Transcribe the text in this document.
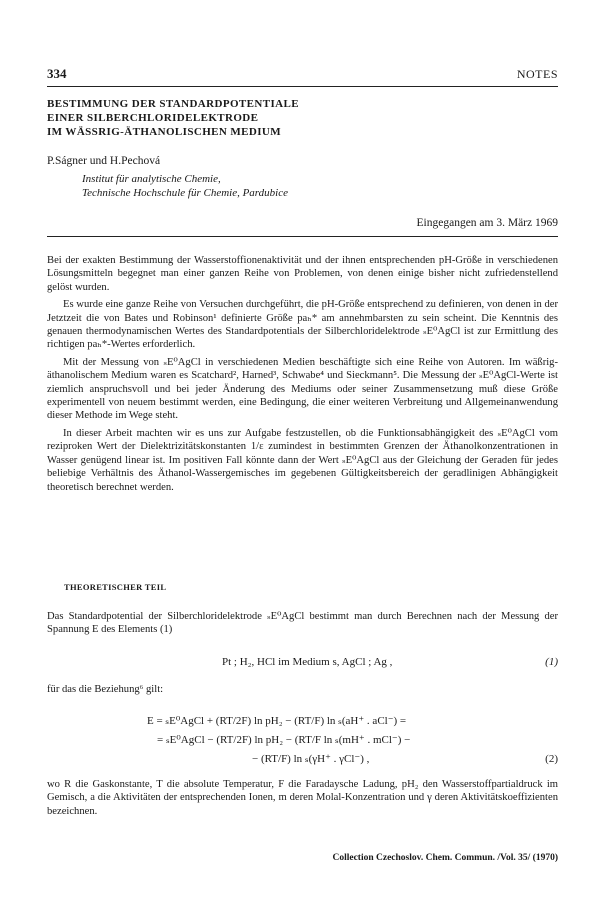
334	NOTES
BESTIMMUNG DER STANDARDPOTENTIALE
EINER SILBERCHLORIDELEKTRODE
IM WÄSSRIG-ÄTHANOLISCHEN MEDIUM
P.Ságner und H.Pechová
Institut für analytische Chemie,
Technische Hochschule für Chemie, Pardubice
Eingegangen am 3. März 1969

Bei der exakten Bestimmung der Wasserstoffionenaktivität und der ihnen entsprechenden pH-Größe in verschiedenen Lösungsmitteln begegnet man einer ganzen Reihe von Problemen, von denen einige bisher nicht zufriedenstellend gelöst wurden.

Es wurde eine ganze Reihe von Versuchen durchgeführt, die pH-Größe entsprechend zu definieren, von denen in der Jetztzeit die von Bates und Robinson¹ definierte Größe paₕ* am annehmbarsten zu sein scheint. Die Kenntnis des genauen thermodynamischen Wertes des Standardpotentials der Silberchloridelektrode ₛE⁰AgCl ist zur Ermittlung des richtigen paₕ*-Wertes erforderlich.

Mit der Messung von ₛE⁰AgCl in verschiedenen Medien beschäftigte sich eine Reihe von Autoren. Im wäßrig-äthanolischem Medium waren es Scatchard², Harned³, Schwabe⁴ und Sieckmann⁵. Die Messung der ₛE⁰AgCl-Werte ist ziemlich anspruchsvoll und bei jeder Änderung des Mediums oder seiner Zusammensetzung muß diese Größe experimentell von neuem bestimmt werden, eine Bedingung, die einer weiteren Verbreitung und Allgemeinanwendung dieser Methode im Wege steht.

In dieser Arbeit machten wir es uns zur Aufgabe festzustellen, ob die Funktionsabhängigkeit des ₛE⁰AgCl vom reziproken Wert der Dielektrizitätskonstanten 1/ε zumindest in bestimmten Grenzen der Äthanolkonzentrationen in Wasser genügend linear ist. Im positiven Fall könnte dann der Wert ₛE⁰AgCl aus der Gleichung der Geraden für jedes beliebige Verhältnis des Äthanol-Wassergemisches im gegebenen Gültigkeitsbereich der geradlinigen Abhängigkeit theoretisch berechnet werden.

THEORETISCHER TEIL

Das Standardpotential der Silberchloridelektrode ₛE⁰AgCl bestimmt man durch Berechnen nach der Messung der Spannung E des Elements (1)

Pt ; H₂, HCl im Medium s, AgCl ; Ag ,	(1)
für das die Beziehung⁶ gilt:
E = ₛE⁰AgCl + (RT/2F) ln pH₂ − (RT/F) ln ₛ(aH⁺ . aCl⁻) =
= ₛE⁰AgCl − (RT/2F) ln pH₂ − (RT/F ln ₛ(mH⁺ . mCl⁻) −
− (RT/F) ln ₛ(γH⁺ . γCl⁻) ,	(2)

wo R die Gaskonstante, T die absolute Temperatur, F die Faradaysche Ladung, pH₂ den Wasserstoffpartialdruck im Gemisch, a die Aktivitäten der entsprechenden Ionen, m deren Molal-Konzentration und γ deren Aktivitätskoeffizienten bezeichnen.

Collection Czechoslov. Chem. Commun. /Vol. 35/ (1970)
